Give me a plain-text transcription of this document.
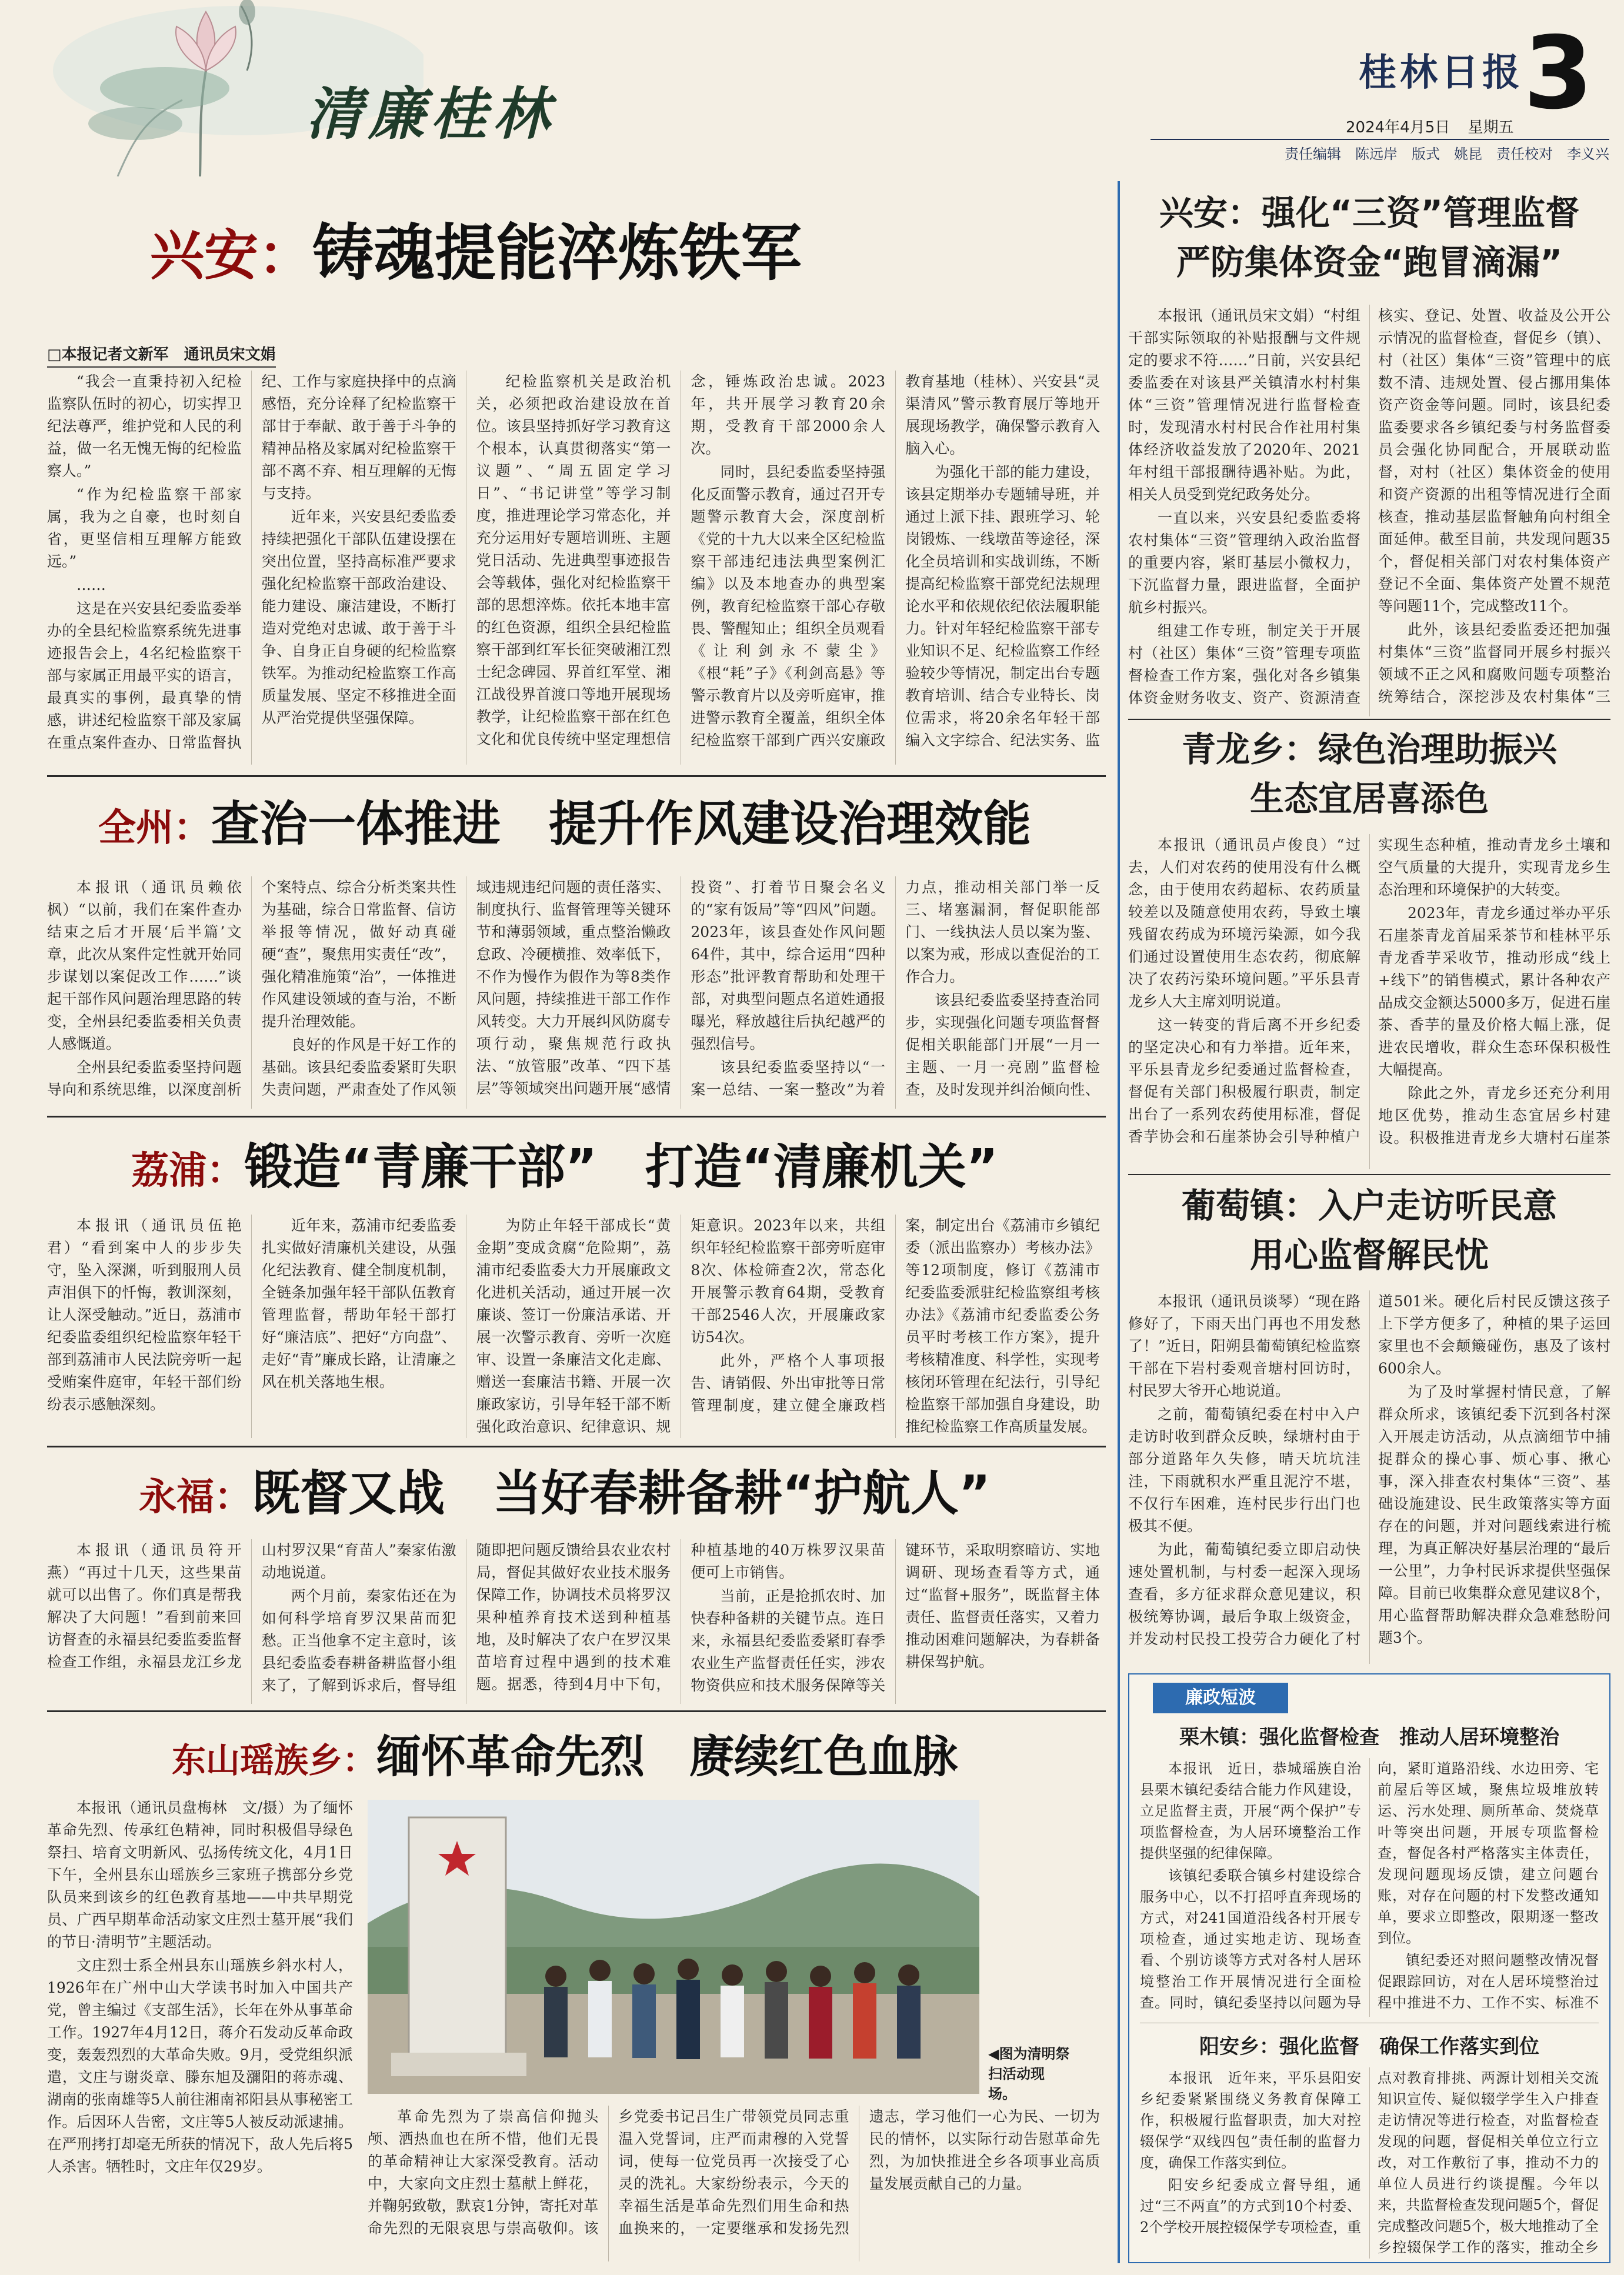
清廉桂林
桂林日报 3
2024年4月5日 星期五
责任编辑　陈远岸　版式　姚昆　责任校对　李义兴
兴安：铸魂提能淬炼铁军
□本报记者文新军　通讯员宋文娟

“我会一直秉持初入纪检监察队伍时的初心，切实捍卫纪法尊严，维护党和人民的利益，做一名无愧无悔的纪检监察人。”

“作为纪检监察干部家属，我为之自豪，也时刻自省，更坚信相互理解方能致远。”

……

这是在兴安县纪委监委举办的全县纪检监察系统先进事迹报告会上，4名纪检监察干部与家属正用最平实的语言，最真实的事例，最真挚的情感，讲述纪检监察干部及家属在重点案件查办、日常监督执纪、工作与家庭抉择中的点滴感悟，充分诠释了纪检监察干部甘于奉献、敢于善于斗争的精神品格及家属对纪检监察干部不离不弃、相互理解的无悔与支持。

近年来，兴安县纪委监委持续把强化干部队伍建设摆在突出位置，坚持高标准严要求强化纪检监察干部政治建设、能力建设、廉洁建设，不断打造对党绝对忠诚、敢于善于斗争、自身正自身硬的纪检监察铁军。为推动纪检监察工作高质量发展、坚定不移推进全面从严治党提供坚强保障。

纪检监察机关是政治机关，必须把政治建设放在首位。该县坚持抓好学习教育这个根本，认真贯彻落实“第一议题”、“周五固定学习日”、“书记讲堂”等学习制度，推进理论学习常态化，并充分运用好专题培训班、主题党日活动、先进典型事迹报告会等载体，强化对纪检监察干部的思想淬炼。依托本地丰富的红色资源，组织全县纪检监察干部到红军长征突破湘江烈士纪念碑园、界首红军堂、湘江战役界首渡口等地开展现场教学，让纪检监察干部在红色文化和优良传统中坚定理想信念，锤炼政治忠诚。2023年，共开展学习教育20余期，受教育干部2000余人次。

同时，县纪委监委坚持强化反面警示教育，通过召开专题警示教育大会，深度剖析《党的十九大以来全区纪检监察干部违纪违法典型案例汇编》以及本地查办的典型案例，教育纪检监察干部心存敬畏、警醒知止；组织全员观看《让利剑永不蒙尘》《根“耗”子》《利剑高悬》等警示教育片以及旁听庭审，推进警示教育全覆盖，组织全体纪检监察干部到广西兴安廉政教育基地（桂林）、兴安县“灵渠清风”警示教育展厅等地开展现场教学，确保警示教育入脑入心。

为强化干部的能力建设，该县定期举办专题辅导班，并通过上派下挂、跟班学习、轮岗锻炼、一线墩苗等途径，深化全员培训和实战训练，不断提高纪检监察干部党纪法规理论水平和依规依纪依法履职能力。针对年轻纪检监察干部专业知识不足、纪检监察工作经验较少等情况，制定出台专题教育培训、结合专业特长、岗位需求，将20余名年轻干部编入文字综合、纪法实务、监

全州：查治一体推进　提升作风建设治理效能

本报讯（通讯员赖依枫）“以前，我们在案件查办结束之后才开展‘后半篇’文章，此次从案件定性就开始同步谋划以案促改工作……”谈起干部作风问题治理思路的转变，全州县纪委监委相关负责人感慨道。

全州县纪委监委坚持问题导向和系统思维，以深度剖析个案特点、综合分析类案共性为基础，综合日常监督、信访举报等情况，做好动真碰硬“查”，聚焦用实责任“改”，强化精准施策“治”，一体推进作风建设领域的查与治，不断提升治理效能。

良好的作风是干好工作的基础。该县纪委监委紧盯失职失责问题，严肃查处了作风领域违规违纪问题的责任落实、制度执行、监督管理等关键环节和薄弱领域，重点整治懒政怠政、冷硬横推、效率低下，不作为慢作为假作为等8类作风问题，持续推进干部工作作风转变。大力开展纠风防腐专项行动，聚焦规范行政执法、“放管服”改革、“四下基层”等领域突出问题开展“感情投资”、打着节日聚会名义的“家有饭局”等“四风”问题。2023年，该县查处作风问题64件，其中，综合运用“四种形态”批评教育帮助和处理干部，对典型问题点名道姓通报曝光，释放越往后执纪越严的强烈信号。

该县纪委监委坚持以“一案一总结、一案一整改”为着力点，推动相关部门举一反三、堵塞漏洞，督促职能部门、一线执法人员以案为鉴、以案为戒，形成以查促治的工作合力。

该县纪委监委坚持查治同步，实现强化问题专项监督督促相关职能部门开展“一月一主题、一月一亮剧”监督检查，及时发现并纠治倾向性、

荔浦：锻造“青廉干部”　打造“清廉机关”

本报讯（通讯员伍艳君）“看到案中人的步步失守，坠入深渊，听到服刑人员声泪俱下的忏悔，教训深刻，让人深受触动。”近日，荔浦市纪委监委组织纪检监察年轻干部到荔浦市人民法院旁听一起受贿案件庭审，年轻干部们纷纷表示感触深刻。

近年来，荔浦市纪委监委扎实做好清廉机关建设，从强化纪法教育、健全制度机制，全链条加强年轻干部队伍教育管理监督，帮助年轻干部打好“廉洁底”、把好“方向盘”、走好“青”廉成长路，让清廉之风在机关落地生根。

为防止年轻干部成长“黄金期”变成贪腐“危险期”，荔浦市纪委监委大力开展廉政文化进机关活动，通过开展一次廉谈、签订一份廉洁承诺、开展一次警示教育、旁听一次庭审、设置一条廉洁文化走廊、赠送一套廉洁书籍、开展一次廉政家访，引导年轻干部不断强化政治意识、纪律意识、规矩意识。2023年以来，共组织年轻纪检监察干部旁听庭审8次、体检筛查2次，常态化开展警示教育64期，受教育干部2546人次，开展廉政家访54次。

此外，严格个人事项报告、请销假、外出审批等日常管理制度，建立健全廉政档案，制定出台《荔浦市乡镇纪委（派出监察办）考核办法》等12项制度，修订《荔浦市纪委监委派驻纪检监察组考核办法》《荔浦市纪委监委公务员平时考核工作方案》，提升考核精准度、科学性，实现考核闭环管理在纪法行，引导纪检监察干部加强自身建设，助推纪检监察工作高质量发展。

永福：既督又战　当好春耕备耕“护航人”

本报讯（通讯员符开燕）“再过十几天，这些果苗就可以出售了。你们真是帮我解决了大问题！”看到前来回访督查的永福县纪委监委监督检查工作组，永福县龙江乡龙山村罗汉果“育苗人”秦家佑激动地说道。

两个月前，秦家佑还在为如何科学培育罗汉果苗而犯愁。正当他拿不定主意时，该县纪委监委春耕备耕监督小组来了，了解到诉求后，督导组随即把问题反馈给县农业农村局，督促其做好农业技术服务保障工作，协调技术员将罗汉果种植养育技术送到种植基地，及时解决了农户在罗汉果苗培育过程中遇到的技术难题。据悉，待到4月中下旬，种植基地的40万株罗汉果苗便可上市销售。

当前，正是抢抓农时、加快春种备耕的关键节点。连日来，永福县纪委监委紧盯春季农业生产监督责任任实，涉农物资供应和技术服务保障等关键环节，采取明察暗访、实地调研、现场查看等方式，通过“监督+服务”，既监督主体责任、监督责任落实，又着力推动困难问题解决，为春耕备耕保驾护航。

东山瑶族乡：缅怀革命先烈　赓续红色血脉
◀图为清明祭扫活动现场。

本报讯（通讯员盘梅林　文/摄）为了缅怀革命先烈、传承红色精神，同时积极倡导绿色祭扫、培育文明新风、弘扬传统文化，4月1日下午，全州县东山瑶族乡三家班子携部分乡党队员来到该乡的红色教育基地——中共早期党员、广西早期革命活动家文庄烈士墓开展“我们的节日·清明节”主题活动。

文庄烈士系全州县东山瑶族乡斜水村人，1926年在广州中山大学读书时加入中国共产党，曾主编过《支部生活》，长年在外从事革命工作。1927年4月12日，蒋介石发动反革命政变，轰轰烈烈的大革命失败。9月，受党组织派遣，文庄与谢炎章、滕东旭及瀰阳的蒋赤魂、湖南的张南雄等5人前往湘南祁阳县从事秘密工作。后因环人告密，文庄等5人被反动派逮捕。在严刑拷打却毫无所获的情况下，敌人先后将5人杀害。牺牲时，文庄年仅29岁。

革命先烈为了崇高信仰抛头颅、洒热血也在所不惜，他们无畏的革命精神让大家深受教育。活动中，大家向文庄烈士墓献上鲜花，并鞠躬致敬，默哀1分钟，寄托对革命先烈的无限哀思与崇高敬仰。该乡党委书记吕生广带领党员同志重温入党誓词，庄严而肃穆的入党誓词，使每一位党员再一次接受了心灵的洗礼。大家纷纷表示，今天的幸福生活是革命先烈们用生命和热血换来的，一定要继承和发扬先烈遗志，学习他们一心为民、一切为民的情怀，以实际行动告慰革命先烈，为加快推进全乡各项事业高质量发展贡献自己的力量。

兴安：强化“三资”管理监督
严防集体资金“跑冒滴漏”

本报讯（通讯员宋文娟）“村组干部实际领取的补贴报酬与文件规定的要求不符……”日前，兴安县纪委监委在对该县严关镇清水村村集体“三资”管理情况进行监督检查时，发现清水村村民合作社用村集体经济收益发放了2020年、2021年村组干部报酬待遇补贴。为此，相关人员受到党纪政务处分。

一直以来，兴安县纪委监委将农村集体“三资”管理纳入政治监督的重要内容，紧盯基层小微权力，下沉监督力量，跟进监督，全面护航乡村振兴。

组建工作专班，制定关于开展村（社区）集体“三资”管理专项监督检查工作方案，强化对各乡镇集体资金财务收支、资产、资源清查核实、登记、处置、收益及公开公示情况的监督检查，督促乡（镇）、村（社区）集体“三资”管理中的底数不清、违规处置、侵占挪用集体资产资金等问题。同时，该县纪委监委要求各乡镇纪委与村务监督委员会强化协同配合，开展联动监督，对村（社区）集体资金的使用和资产资源的出租等情况进行全面核查，推动基层监督触角向村组全面延伸。截至目前，共发现问题35个，督促相关部门对农村集体资产登记不全面、集体资产处置不规范等问题11个，完成整改11个。

此外，该县纪委监委还把加强村集体“三资”监督同开展乡村振兴领域不正之风和腐败问题专项整治统筹结合，深挖涉及农村集体“三

青龙乡：绿色治理助振兴
生态宜居喜添色

本报讯（通讯员卢俊良）“过去，人们对农药的使用没有什么概念，由于使用农药超标、农药质量较差以及随意使用农药，导致土壤残留农药成为环境污染源，如今我们通过设置使用生态农药，彻底解决了农药污染环境问题。”平乐县青龙乡人大主席刘明说道。

这一转变的背后离不开乡纪委的坚定决心和有力举措。近年来，平乐县青龙乡纪委通过监督检查，督促有关部门积极履行职责，制定出台了一系列农药使用标准，督促香芋协会和石崖茶协会引导种植户实现生态种植，推动青龙乡土壤和空气质量的大提升，实现青龙乡生态治理和环境保护的大转变。

2023年，青龙乡通过举办平乐石崖茶青龙首届采茶节和桂林平乐青龙香芋采收节，推动形成“线上+线下”的销售模式，累计各种农产品成交金额达5000多万，促进石崖茶、香芋的量及价格大幅上涨，促进农民增收，群众生态环保积极性大幅提高。

除此之外，青龙乡还充分利用地区优势，推动生态宜居乡村建设。积极推进青龙乡大塘村石崖茶

葡萄镇：入户走访听民意
用心监督解民忧

本报讯（通讯员谈琴）“现在路修好了，下雨天出门再也不用发愁了！”近日，阳朔县葡萄镇纪检监察干部在下岩村委观音塘村回访时，村民罗大爷开心地说道。

之前，葡萄镇纪委在村中入户走访时收到群众反映，绿塘村由于部分道路年久失修，晴天坑坑洼洼，下雨就积水严重且泥泞不堪，不仅行车困难，连村民步行出门也极其不便。

为此，葡萄镇纪委立即启动快速处置机制，与村委一起深入现场查看，多方征求群众意见建议，积极统筹协调，最后争取上级资金，并发动村民投工投劳合力硬化了村道501米。硬化后村民反馈这孩子上下学方便多了，种植的果子运回家里也不会颠簸碰伤，惠及了该村600余人。

为了及时掌握村情民意，了解群众所求，该镇纪委下沉到各村深入开展走访活动，从点滴细节中捕捉群众的操心事、烦心事、揪心事，深入排查农村集体“三资”、基础设施建设、民生政策落实等方面存在的问题，并对问题线索进行梳理，为真正解决好基层治理的“最后一公里”，力争村民诉求提供坚强保障。目前已收集群众意见建议8个，用心监督帮助解决群众急难愁盼问题3个。

廉政短波
栗木镇：强化监督检查　推动人居环境整治

本报讯　近日，恭城瑶族自治县栗木镇纪委结合能力作风建设，立足监督主责，开展“两个保护”专项监督检查，为人居环境整治工作提供坚强的纪律保障。

该镇纪委联合镇乡村建设综合服务中心，以不打招呼直奔现场的方式，对241国道沿线各村开展专项检查，通过实地走访、现场查看、个别访谈等方式对各村人居环境整治工作开展情况进行全面检查。同时，镇纪委坚持以问题为导向，紧盯道路沿线、水边田旁、宅前屋后等区域，聚焦垃圾堆放转运、污水处理、厕所革命、焚烧草叶等突出问题，开展专项监督检查，督促各村严格落实主体责任，发现问题现场反馈，建立问题台账，对存在问题的村下发整改通知单，要求立即整改，限期逐一整改到位。

镇纪委还对照问题整改情况督促跟踪回访，对在人居环境整治过程中推进不力、工作不实、标准不

阳安乡：强化监督　确保工作落实到位

本报讯　近年来，平乐县阳安乡纪委紧紧围绕义务教育保障工作，积极履行监督职责，加大对控辍保学“双线四包”责任制的监督力度，确保工作落实到位。

阳安乡纪委成立督导组，通过“三不两直”的方式到10个村委、2个学校开展控辍保学专项检查，重点对教育排挑、两源计划相关交流知识宣传、疑似辍学学生入户排查走访情况等进行检查，对监督检查发现的问题，督促相关单位立行立改，对工作敷衍了事，推动不力的单位人员进行约谈提醒。今年以来，共监督检查发现问题5个，督促完成整改问题5个，极大地推动了全乡控辍保学工作的落实，推动全乡
